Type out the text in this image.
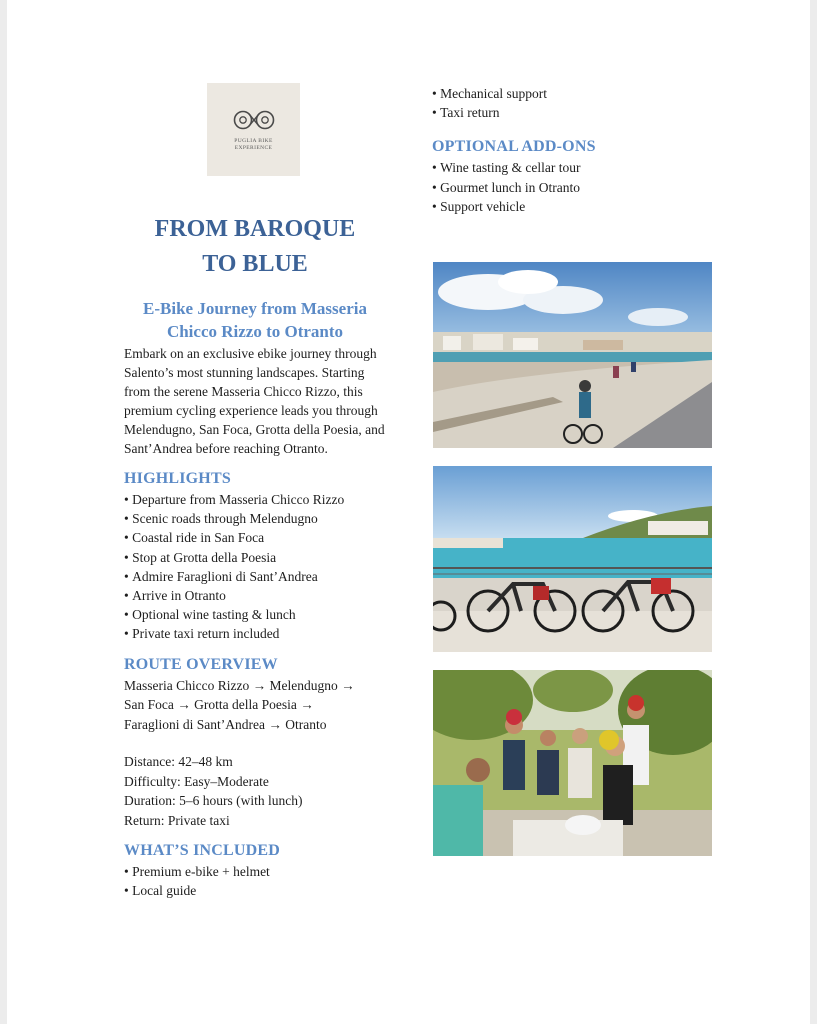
PUGLIA BIKE EXPERIENCE
FROM BAROQUE
TO BLUE
E-Bike Journey from Masseria
Chicco Rizzo to Otranto

Embark on an exclusive ebike journey through Salento’s most stunning landscapes. Starting from the serene Masseria Chicco Rizzo, this premium cycling experience leads you through Melendugno, San Foca, Grotta della Poesia, and Sant’Andrea before reaching Otranto.

HIGHLIGHTS
• Departure from Masseria Chicco Rizzo
• Scenic roads through Melendugno
• Coastal ride in San Foca
• Stop at Grotta della Poesia
• Admire Faraglioni di Sant’Andrea
• Arrive in Otranto
• Optional wine tasting & lunch
• Private taxi return included
ROUTE OVERVIEW
Masseria Chicco Rizzo → Melendugno →
San Foca → Grotta della Poesia →
Faraglioni di Sant’Andrea → Otranto
Distance: 42–48 km
Difficulty: Easy–Moderate
Duration: 5–6 hours (with lunch)
Return: Private taxi
WHAT’S INCLUDED
• Premium e-bike + helmet
• Local guide
• Mechanical support
• Taxi return
OPTIONAL ADD-ONS
• Wine tasting & cellar tour
• Gourmet lunch in Otranto
• Support vehicle
